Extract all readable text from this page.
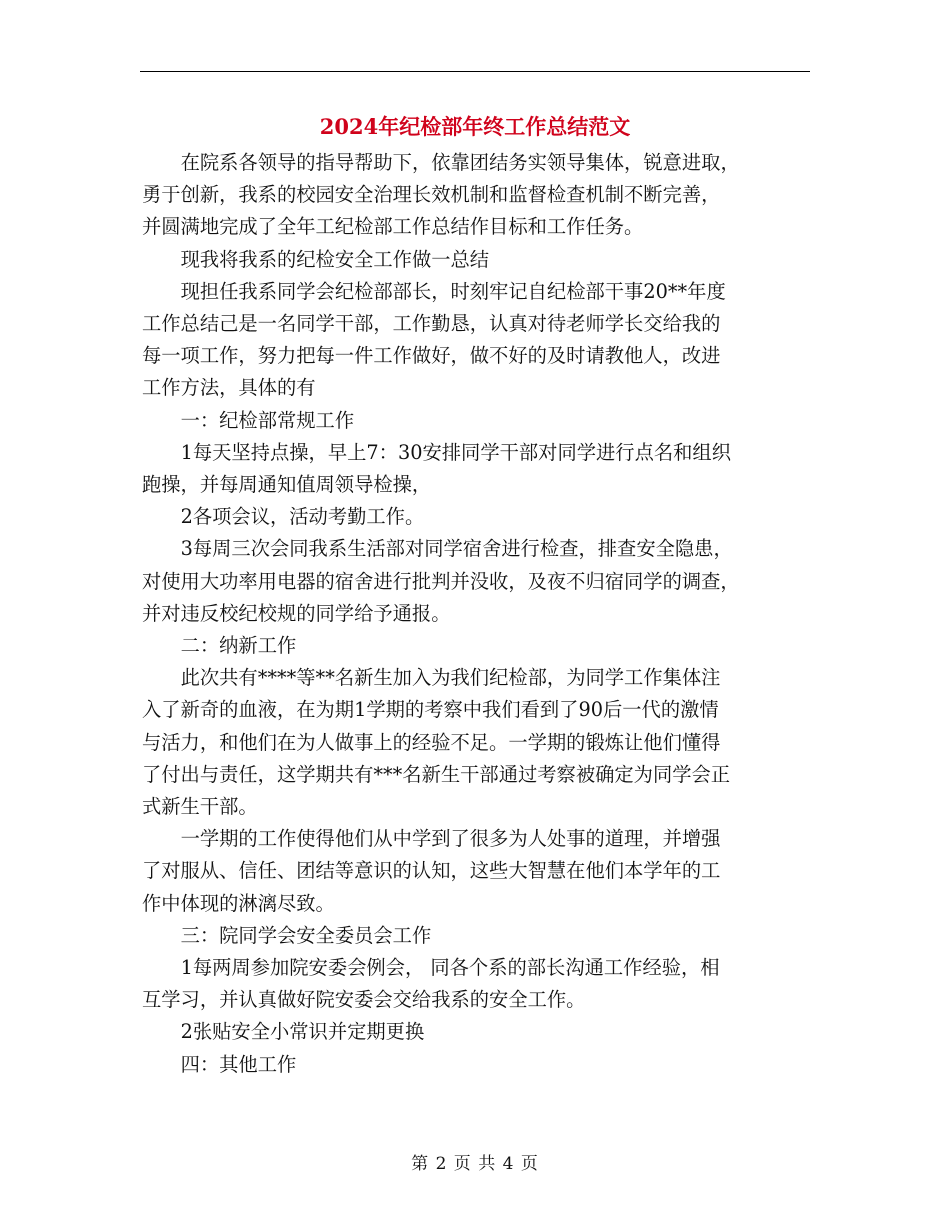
2024年纪检部年终工作总结范文

在院系各领导的指导帮助下，依靠团结务实领导集体，锐意进取，

勇于创新，我系的校园安全治理长效机制和监督检查机制不断完善，

并圆满地完成了全年工纪检部工作总结作目标和工作任务。

现我将我系的纪检安全工作做一总结

现担任我系同学会纪检部部长，时刻牢记自纪检部干事20**年度

工作总结己是一名同学干部，工作勤恳，认真对待老师学长交给我的

每一项工作，努力把每一件工作做好，做不好的及时请教他人，改进

工作方法，具体的有

一：纪检部常规工作

1每天坚持点操，早上7：30安排同学干部对同学进行点名和组织

跑操，并每周通知值周领导检操，

2各项会议，活动考勤工作。

3每周三次会同我系生活部对同学宿舍进行检查，排查安全隐患，

对使用大功率用电器的宿舍进行批判并没收，及夜不归宿同学的调查，

并对违反校纪校规的同学给予通报。

二：纳新工作

此次共有****等**名新生加入为我们纪检部，为同学工作集体注

入了新奇的血液，在为期1学期的考察中我们看到了90后一代的激情

与活力，和他们在为人做事上的经验不足。一学期的锻炼让他们懂得

了付出与责任，这学期共有***名新生干部通过考察被确定为同学会正

式新生干部。

一学期的工作使得他们从中学到了很多为人处事的道理，并增强

了对服从、信任、团结等意识的认知，这些大智慧在他们本学年的工

作中体现的淋漓尽致。

三：院同学会安全委员会工作

1每两周参加院安委会例会， 同各个系的部长沟通工作经验，相

互学习，并认真做好院安委会交给我系的安全工作。

2张贴安全小常识并定期更换

四：其他工作

第 2 页 共 4 页
